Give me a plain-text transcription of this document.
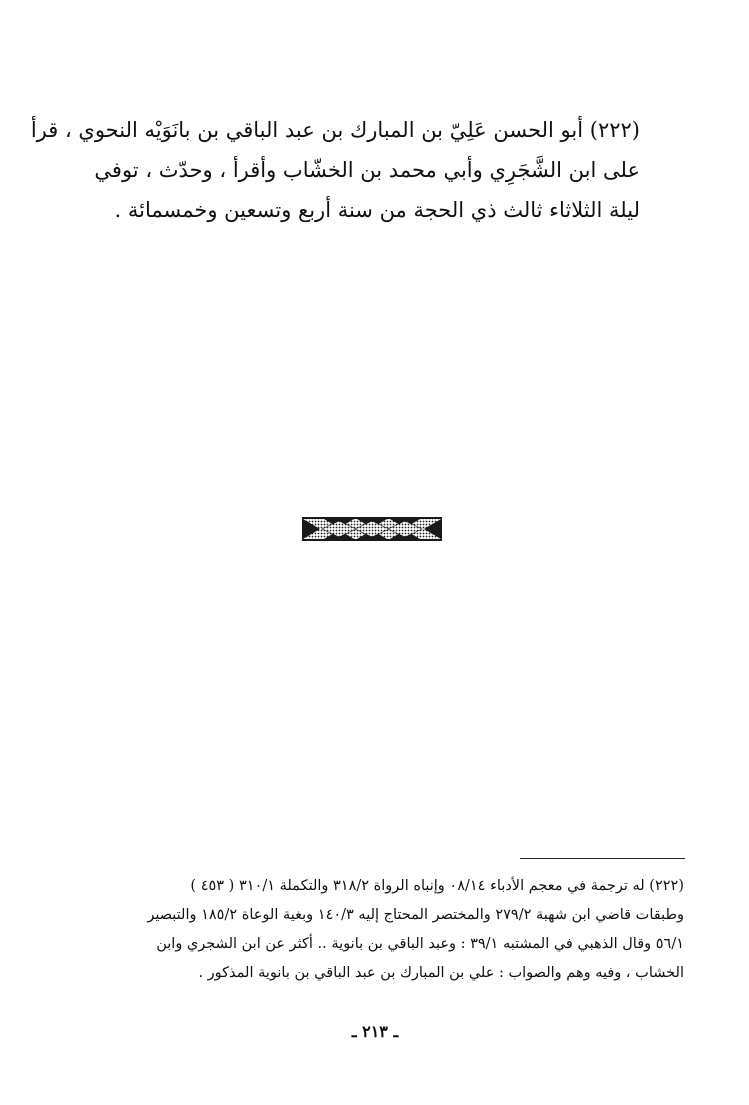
(٢٢٢) أبو الحسن عَلِيّ بن المبارك بن عبد الباقي بن بانَوَيْه النحوي ، قرأ
على ابن الشَّجَرِي وأبي محمد بن الخشّاب وأقرأ ، وحدّث ، توفي
ليلة الثلاثاء ثالث ذي الحجة من سنة أربع وتسعين وخمسمائة .
(٢٢٢) له ترجمة في معجم الأدباء ٠٨/١٤ وإنباه الرواة ٣١٨/٢ والتكملة ٣١٠/١ ( ٤٥٣ )
وطبقات قاضي ابن شهبة ٢٧٩/٢ والمختصر المحتاج إليه ١٤٠/٣ وبغية الوعاة ١٨٥/٢ والتبصير
٥٦/١ وقال الذهبي في المشتبه ٣٩/١ : وعبد الباقي بن بانوية .. أكثر عن ابن الشجري وابن
الخشاب ، وفيه وهم والصواب : علي بن المبارك بن عبد الباقي بن بانوية المذكور .
ـ ٢١٣ ـ
